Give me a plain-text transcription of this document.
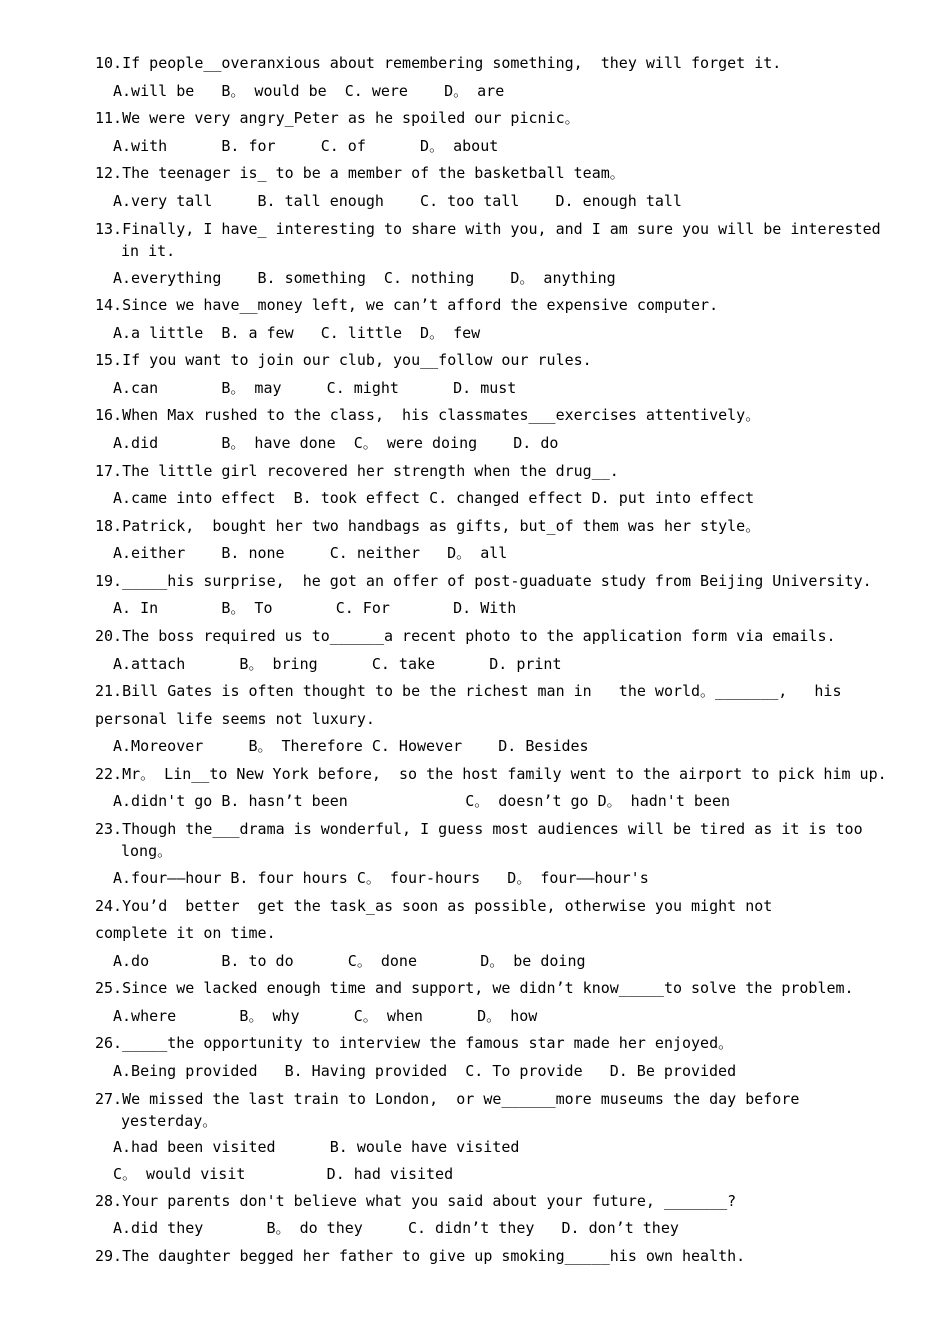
10.If people__overanxious about remembering something,  they will forget it.
A.will be   B。 would be  C. were    D。 are
11.We were very angry_Peter as he spoiled our picnic。
A.with      B. for     C. of      D。 about
12.The teenager is_ to be a member of the basketball team。
A.very tall     B. tall enough    C. too tall    D. enough tall
13.Finally, I have_ interesting to share with you, and I am sure you will be interested
in it.
A.everything    B. something  C. nothing    D。 anything
14.Since we have__money left, we can’t afford the expensive computer.
A.a little  B. a few   C. little  D。 few
15.If you want to join our club, you__follow our rules.
A.can       B。 may     C. might      D. must
16.When Max rushed to the class,  his classmates___exercises attentively。
A.did       B。 have done  C。 were doing    D. do
17.The little girl recovered her strength when the drug__.
A.came into effect  B. took effect C. changed effect D. put into effect
18.Patrick,  bought her two handbags as gifts, but_of them was her style。
A.either    B. none     C. neither   D。 all
19._____his surprise,  he got an offer of post-guaduate study from Beijing University.
A. In       B。 To       C. For       D. With
20.The boss required us to______a recent photo to the application form via emails.
A.attach      B。 bring      C. take      D. print
21.Bill Gates is often thought to be the richest man in   the world。_______,   his
personal life seems not luxury.
A.Moreover     B。 Therefore C. However    D. Besides
22.Mr。 Lin__to New York before,  so the host family went to the airport to pick him up.
A.didn't go B. hasn’t been             C。 doesn’t go D。 hadn't been
23.Though the___drama is wonderful, I guess most audiences will be tired as it is too
long。
A.four——hour B. four hours C。 four-hours   D。 four——hour's
24.You’d  better  get the task_as soon as possible, otherwise you might not
complete it on time.
A.do        B. to do      C。 done       D。 be doing
25.Since we lacked enough time and support, we didn’t know_____to solve the problem.
A.where       B。 why      C。 when      D。 how
26._____the opportunity to interview the famous star made her enjoyed。
A.Being provided   B. Having provided  C. To provide   D. Be provided
27.We missed the last train to London,  or we______more museums the day before
yesterday。
A.had been visited      B. woule have visited
C。 would visit         D. had visited
28.Your parents don't believe what you said about your future, _______?
A.did they       B。 do they     C. didn’t they   D. don’t they
29.The daughter begged her father to give up smoking_____his own health.
